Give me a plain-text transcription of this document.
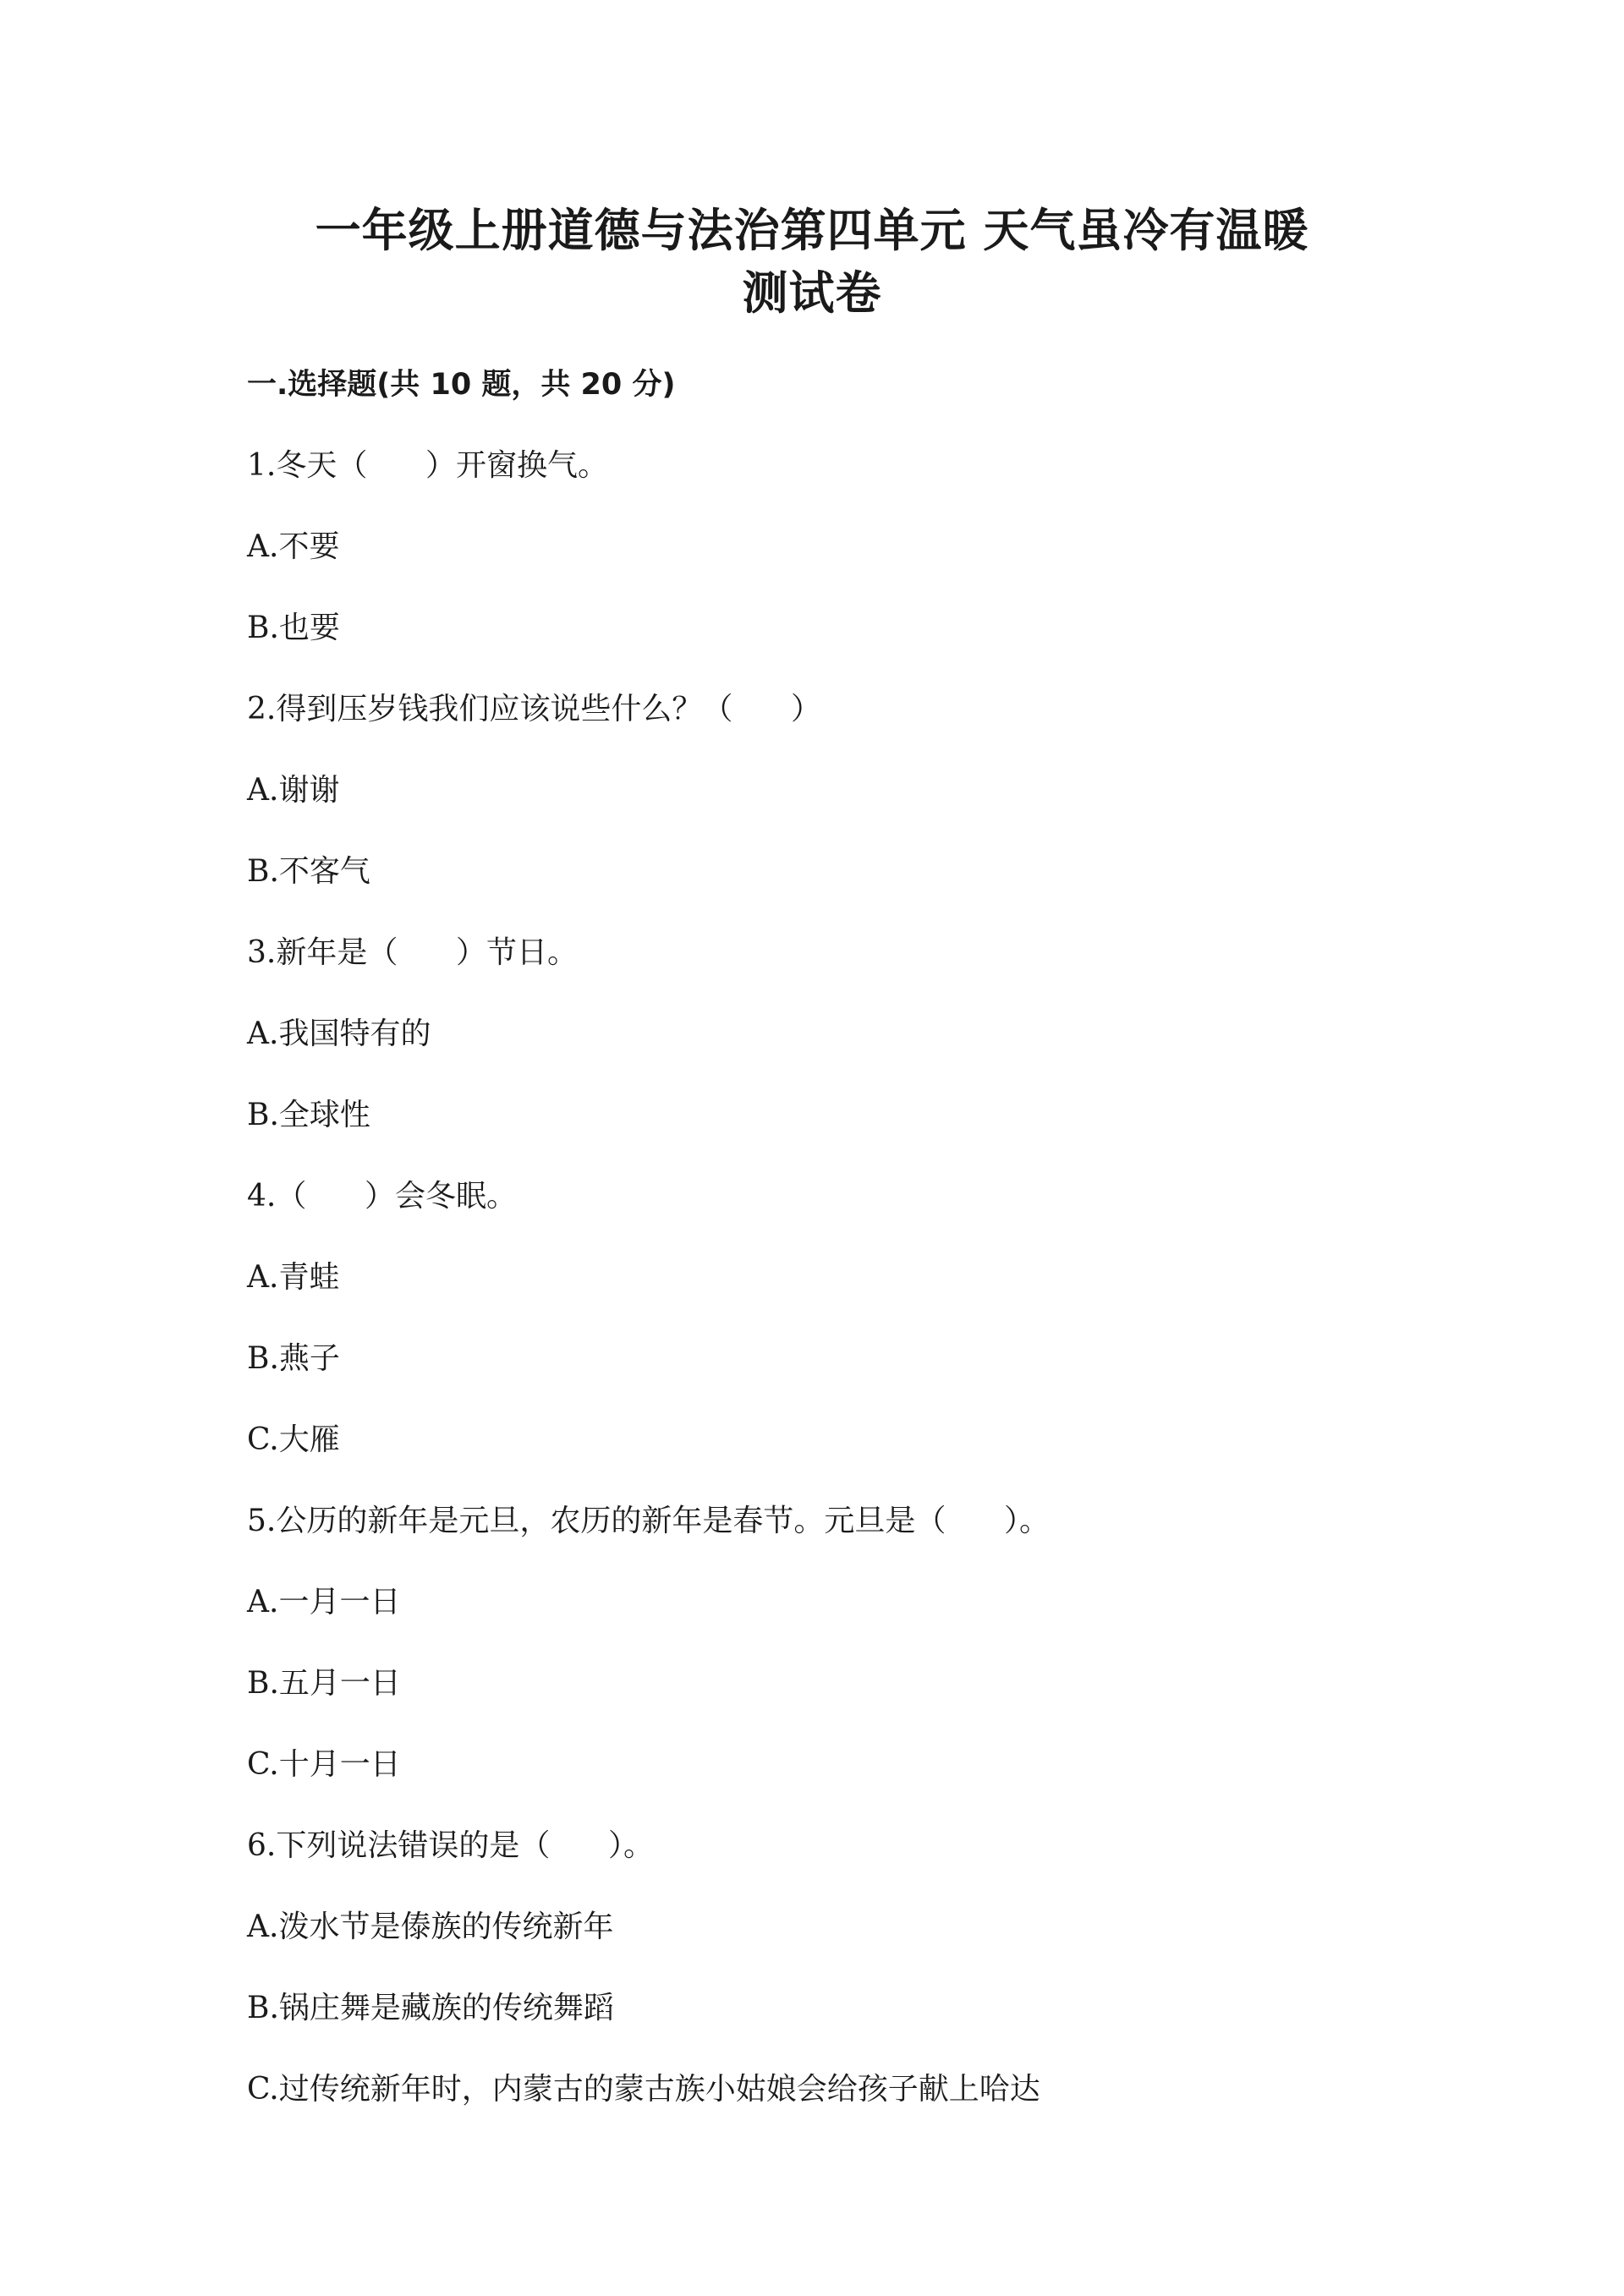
一年级上册道德与法治第四单元 天气虽冷有温暖
测试卷
一.选择题(共 10 题，共 20 分)
1.冬天（      ）开窗换气。
A.不要
B.也要
2.得到压岁钱我们应该说些什么？（      ）
A.谢谢
B.不客气
3.新年是（      ）节日。
A.我国特有的
B.全球性
4.（      ）会冬眠。
A.青蛙
B.燕子
C.大雁
5.公历的新年是元旦，农历的新年是春节。元旦是（      ）。
A.一月一日
B.五月一日
C.十月一日
6.下列说法错误的是（      ）。
A.泼水节是傣族的传统新年
B.锅庄舞是藏族的传统舞蹈
C.过传统新年时，内蒙古的蒙古族小姑娘会给孩子献上哈达
